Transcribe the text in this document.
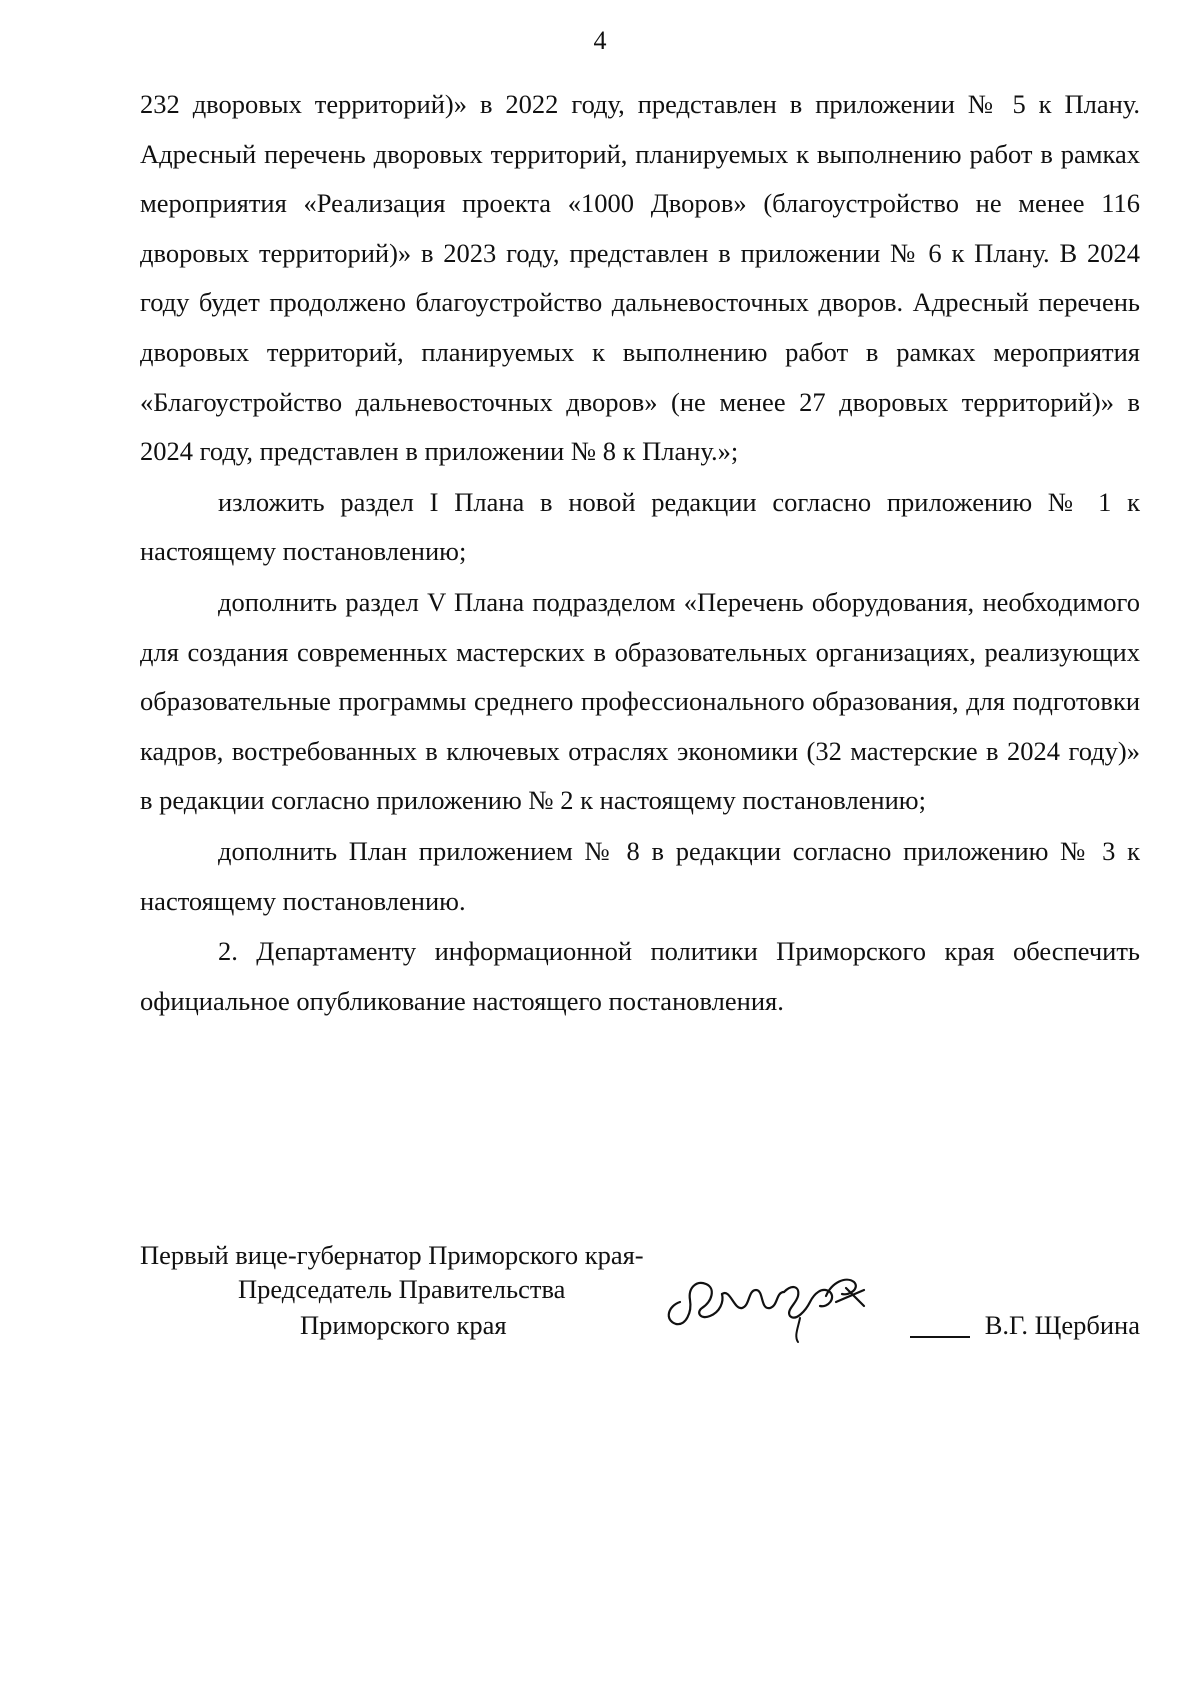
4

232 дворовых территорий)» в 2022 году, представлен в приложении № 5 к Плану. Адресный перечень дворовых территорий, планируемых к выполнению работ в рамках мероприятия «Реализация проекта «1000 Дворов» (благоустройство не менее 116 дворовых территорий)» в 2023 году, представлен в приложении № 6 к Плану. В 2024 году будет продолжено благоустройство дальневосточных дворов. Адресный перечень дворовых территорий, планируемых к выполнению работ в рамках мероприятия «Благоустройство дальневосточных дворов» (не менее 27 дворовых территорий)» в 2024 году, представлен в приложении № 8 к Плану.»;

изложить раздел I Плана в новой редакции согласно приложению № 1 к настоящему постановлению;

дополнить раздел V Плана подразделом «Перечень оборудования, необходимого для создания современных мастерских в образовательных организациях, реализующих образовательные программы среднего профессионального образования, для подготовки кадров, востребованных в ключевых отраслях экономики (32 мастерские в 2024 году)» в редакции согласно приложению № 2 к настоящему постановлению;

дополнить План приложением № 8 в редакции согласно приложению № 3 к настоящему постановлению.

2. Департаменту информационной политики Приморского края обеспечить официальное опубликование настоящего постановления.

Первый вице-губернатор Приморского края-
Председатель Правительства
Приморского края	В.Г. Щербина
